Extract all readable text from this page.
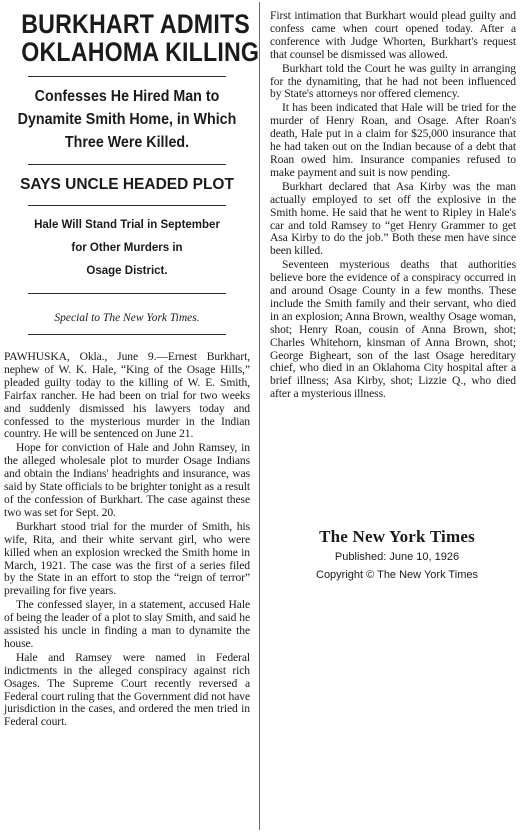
BURKHART ADMITS
OKLAHOMA KILLING
Confesses He Hired Man to
Dynamite Smith Home, in Which
Three Were Killed.
SAYS UNCLE HEADED PLOT
Hale Will Stand Trial in September
for Other Murders in
Osage District.
Special to The New York Times.

PAWHUSKA, Okla., June 9.—Ernest Burkhart, nephew of W. K. Hale, “King of the Osage Hills,” pleaded guilty today to the killing of W. E. Smith, Fairfax rancher. He had been on trial for two weeks and suddenly dismissed his lawyers today and confessed to the mysterious murder in the Indian country. He will be sentenced on June 21.

Hope for conviction of Hale and John Ramsey, in the alleged wholesale plot to murder Osage Indians and obtain the Indians' headrights and insurance, was said by State officials to be brighter tonight as a result of the confession of Burkhart. The case against these two was set for Sept. 20.

Burkhart stood trial for the murder of Smith, his wife, Rita, and their white servant girl, who were killed when an explosion wrecked the Smith home in March, 1921. The case was the first of a series filed by the State in an effort to stop the “reign of terror” prevailing for five years.

The confessed slayer, in a statement, accused Hale of being the leader of a plot to slay Smith, and said he assisted his uncle in finding a man to dynamite the house.

Hale and Ramsey were named in Federal indictments in the alleged conspiracy against rich Osages. The Supreme Court recently reversed a Federal court ruling that the Government did not have jurisdiction in the cases, and ordered the men tried in Federal court.

First intimation that Burkhart would plead guilty and confess came when court opened today. After a conference with Judge Whorten, Burkhart's request that counsel be dismissed was allowed.

Burkhart told the Court he was guilty in arranging for the dynamiting, that he had not been influenced by State's attorneys nor offered clemency.

It has been indicated that Hale will be tried for the murder of Henry Roan, and Osage. After Roan's death, Hale put in a claim for $25,000 insurance that he had taken out on the Indian because of a debt that Roan owed him. Insurance companies refused to make payment and suit is now pending.

Burkhart declared that Asa Kirby was the man actually employed to set off the explosive in the Smith home. He said that he went to Ripley in Hale's car and told Ramsey to “get Henry Grammer to get Asa Kirby to do the job.” Both these men have since been killed.

Seventeen mysterious deaths that authorities believe bore the evidence of a conspiracy occurred in and around Osage County in a few months. These include the Smith family and their servant, who died in an explosion; Anna Brown, wealthy Osage woman, shot; Henry Roan, cousin of Anna Brown, shot; Charles Whitehorn, kinsman of Anna Brown, shot; George Bigheart, son of the last Osage hereditary chief, who died in an Oklahoma City hospital after a brief illness; Asa Kirby, shot; Lizzie Q., who died after a mysterious illness.

The New York Times
Published: June 10, 1926
Copyright © The New York Times
